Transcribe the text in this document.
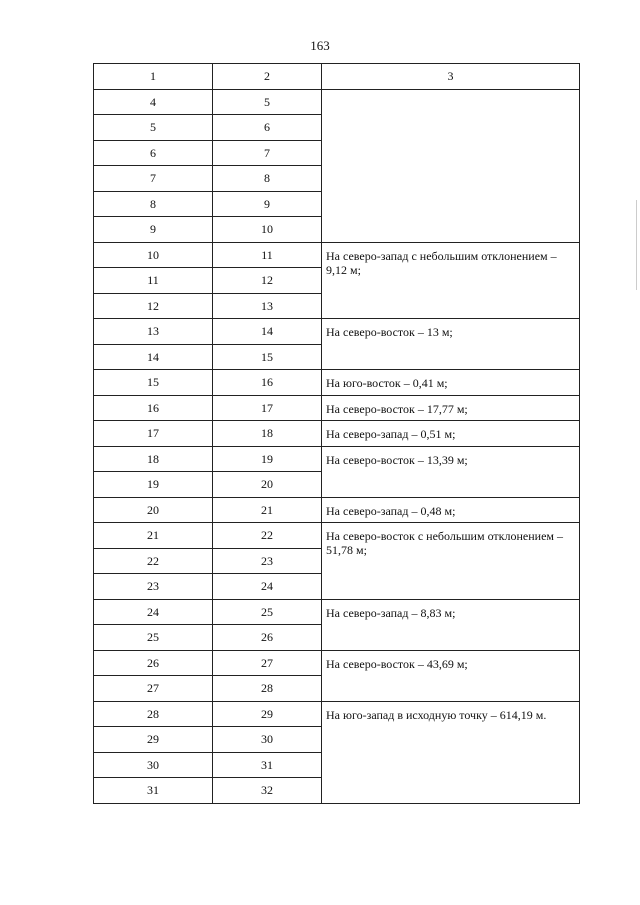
163
1	2	3
4	5	
5	6	
6	7	
7	8	
8	9	
9	10	
10	11	На северо-запад с небольшим отклонением – 9,12 м;
11	12	
12	13	
13	14	На северо-восток – 13 м;
14	15	
15	16	На юго-восток – 0,41 м;
16	17	На северо-восток – 17,77 м;
17	18	На северо-запад – 0,51 м;
18	19	На северо-восток – 13,39 м;
19	20	
20	21	На северо-запад – 0,48 м;
21	22	На северо-восток с небольшим отклонением – 51,78 м;
22	23	
23	24	
24	25	На северо-запад – 8,83 м;
25	26	
26	27	На северо-восток – 43,69 м;
27	28	
28	29	На юго-запад в исходную точку – 614,19 м.
29	30	
30	31	
31	32	
